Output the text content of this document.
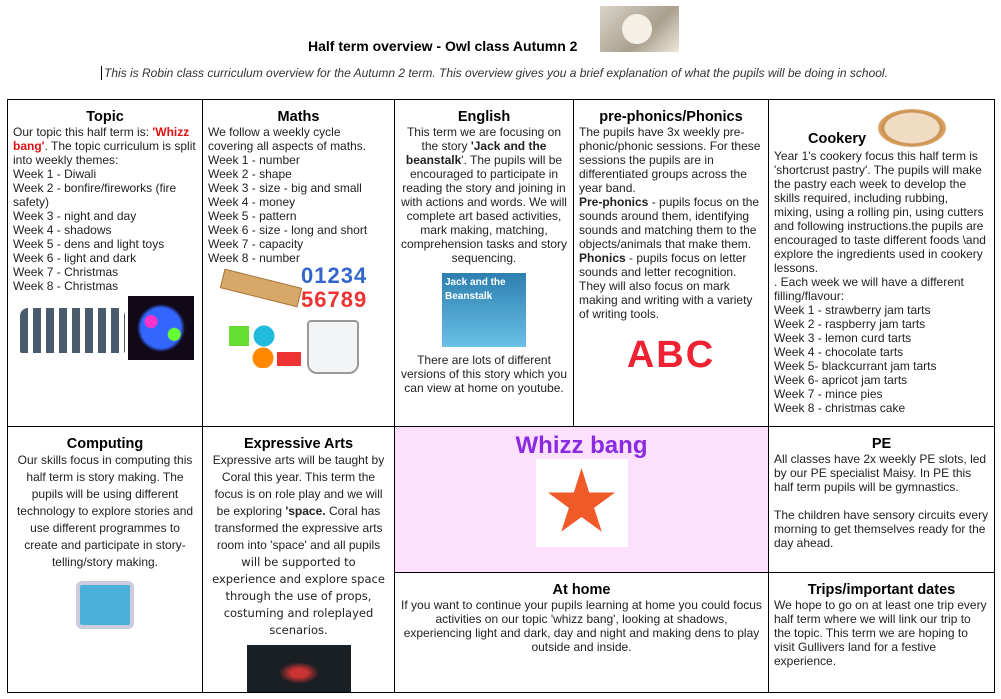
Half term overview - Owl class Autumn 2
This is Robin class curriculum overview for the Autumn 2 term. This overview gives you a brief explanation of what the pupils will be doing in school.
Topic

Our topic this half term is: 'Whizz bang'. The topic curriculum is split into weekly themes:

Week 1 - Diwali
Week 2 - bonfire/fireworks (fire safety)
Week 3 - night and day
Week 4 - shadows
Week 5 - dens and light toys
Week 6 - light and dark
Week 7 - Christmas
Week 8 - Christmas
Maths

We follow a weekly cycle covering all aspects of maths.

Week 1 - number
Week 2 - shape
Week 3 - size - big and small
Week 4 - money
Week 5 - pattern
Week 6 - size - long and short
Week 7 - capacity
Week 8 - number
01234
56789
English

This term we are focusing on the story 'Jack and the beanstalk'. The pupils will be encouraged to participate in reading the story and joining in with actions and words. We will complete art based activities, mark making, matching, comprehension tasks and story sequencing.

Jack and the Beanstalk

There are lots of different versions of this story which you can view at home on youtube.

pre-phonics/Phonics

The pupils have 3x weekly pre-phonic/phonic sessions. For these sessions the pupils are in differentiated groups across the year band.

Pre-phonics - pupils focus on the sounds around them, identifying sounds and matching them to the objects/animals that make them.

Phonics - pupils focus on letter sounds and letter recognition. They will also focus on mark making and writing with a variety of writing tools.

ABC
Cookery

Year 1's cookery focus this half term is 'shortcrust pastry'. The pupils will make the pastry each week to develop the skills required, including rubbing, mixing, using a rolling pin, using cutters and following instructions.the pupils are encouraged to taste different foods \and explore the ingredients used in cookery lessons.

. Each week we will have a different filling/flavour:

Week 1 - strawberry jam tarts
Week 2 - raspberry jam tarts
Week 3 - lemon curd tarts
Week 4 - chocolate tarts
Week 5- blackcurrant jam tarts
Week 6- apricot jam tarts
Week 7 - mince pies
Week 8 - christmas cake
Computing

Our skills focus in computing this half term is story making. The pupils will be using different technology to explore stories and use different programmes to create and participate in story-telling/story making.

Expressive Arts

Expressive arts will be taught by Coral this year. This term the focus is on role play and we will be exploring 'space. Coral has transformed the expressive arts room into 'space' and all pupils

will be supported to experience and explore space through the use of props, costuming and roleplayed scenarios.

Whizz bang	PE

All classes have 2x weekly PE slots, led by our PE specialist Maisy. In PE this half term pupils will be gymnastics.

The children have sensory circuits every morning to get themselves ready for the day ahead.

At home

If you want to continue your pupils learning at home you could focus activities on our topic 'whizz bang', looking at shadows, experiencing light and dark, day and night and making dens to play outside and inside.

Trips/important dates

We hope to go on at least one trip every half term where we will link our trip to the topic. This term we are hoping to visit Gullivers land for a festive experience.
